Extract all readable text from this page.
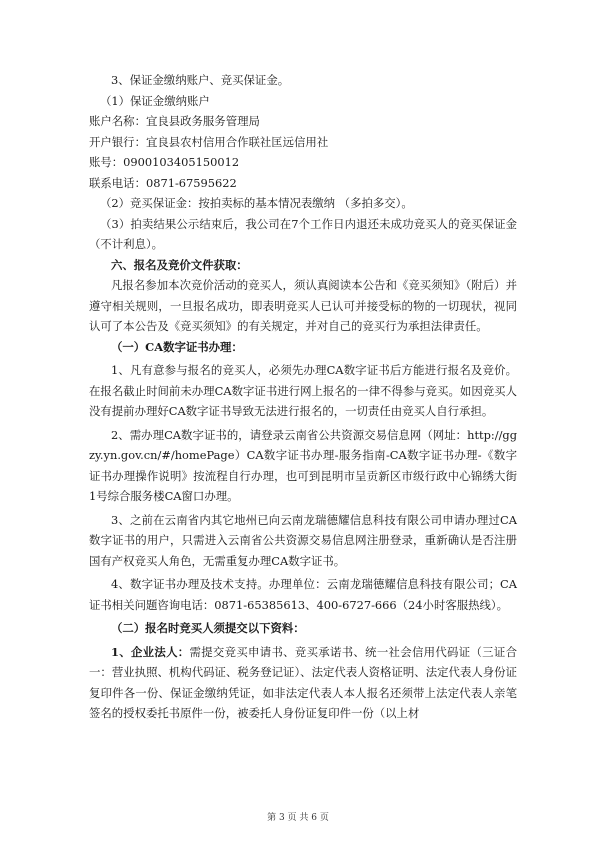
3、保证金缴纳账户、竞买保证金。

（1）保证金缴纳账户

账户名称：宜良县政务服务管理局

开户银行：宜良县农村信用合作联社匡远信用社

账号：0900103405150012

联系电话：0871-67595622

（2）竞买保证金：按拍卖标的基本情况表缴纳 （多拍多交）。

（3）拍卖结果公示结束后，我公司在7个工作日内退还未成功竞买人的竞买保证金（不计利息）。

六、报名及竞价文件获取：

凡报名参加本次竞价活动的竞买人，须认真阅读本公告和《竞买须知》（附后）并遵守相关规则，一旦报名成功，即表明竞买人已认可并接受标的物的一切现状，视同认可了本公告及《竞买须知》的有关规定，并对自己的竞买行为承担法律责任。

（一）CA数字证书办理：

1、凡有意参与报名的竞买人，必须先办理CA数字证书后方能进行报名及竞价。在报名截止时间前未办理CA数字证书进行网上报名的一律不得参与竞买。如因竞买人没有提前办理好CA数字证书导致无法进行报名的，一切责任由竞买人自行承担。

2、需办理CA数字证书的，请登录云南省公共资源交易信息网（网址：http://ggzy.yn.gov.cn/#/homePage）CA数字证书办理-服务指南-CA数字证书办理-《数字证书办理操作说明》按流程自行办理，也可到昆明市呈贡新区市级行政中心锦绣大街1号综合服务楼CA窗口办理。

3、之前在云南省内其它地州已向云南龙瑞德耀信息科技有限公司申请办理过CA数字证书的用户，只需进入云南省公共资源交易信息网注册登录，重新确认是否注册国有产权竞买人角色，无需重复办理CA数字证书。

4、数字证书办理及技术支持。办理单位：云南龙瑞德耀信息科技有限公司；CA证书相关问题咨询电话：0871-65385613、400-6727-666（24小时客服热线）。

（二）报名时竞买人须提交以下资料：

1、企业法人：需提交竞买申请书、竞买承诺书、统一社会信用代码证（三证合一：营业执照、机构代码证、税务登记证）、法定代表人资格证明、法定代表人身份证复印件各一份、保证金缴纳凭证，如非法定代表人本人报名还须带上法定代表人亲笔签名的授权委托书原件一份，被委托人身份证复印件一份（以上材

第 3 页 共 6 页
